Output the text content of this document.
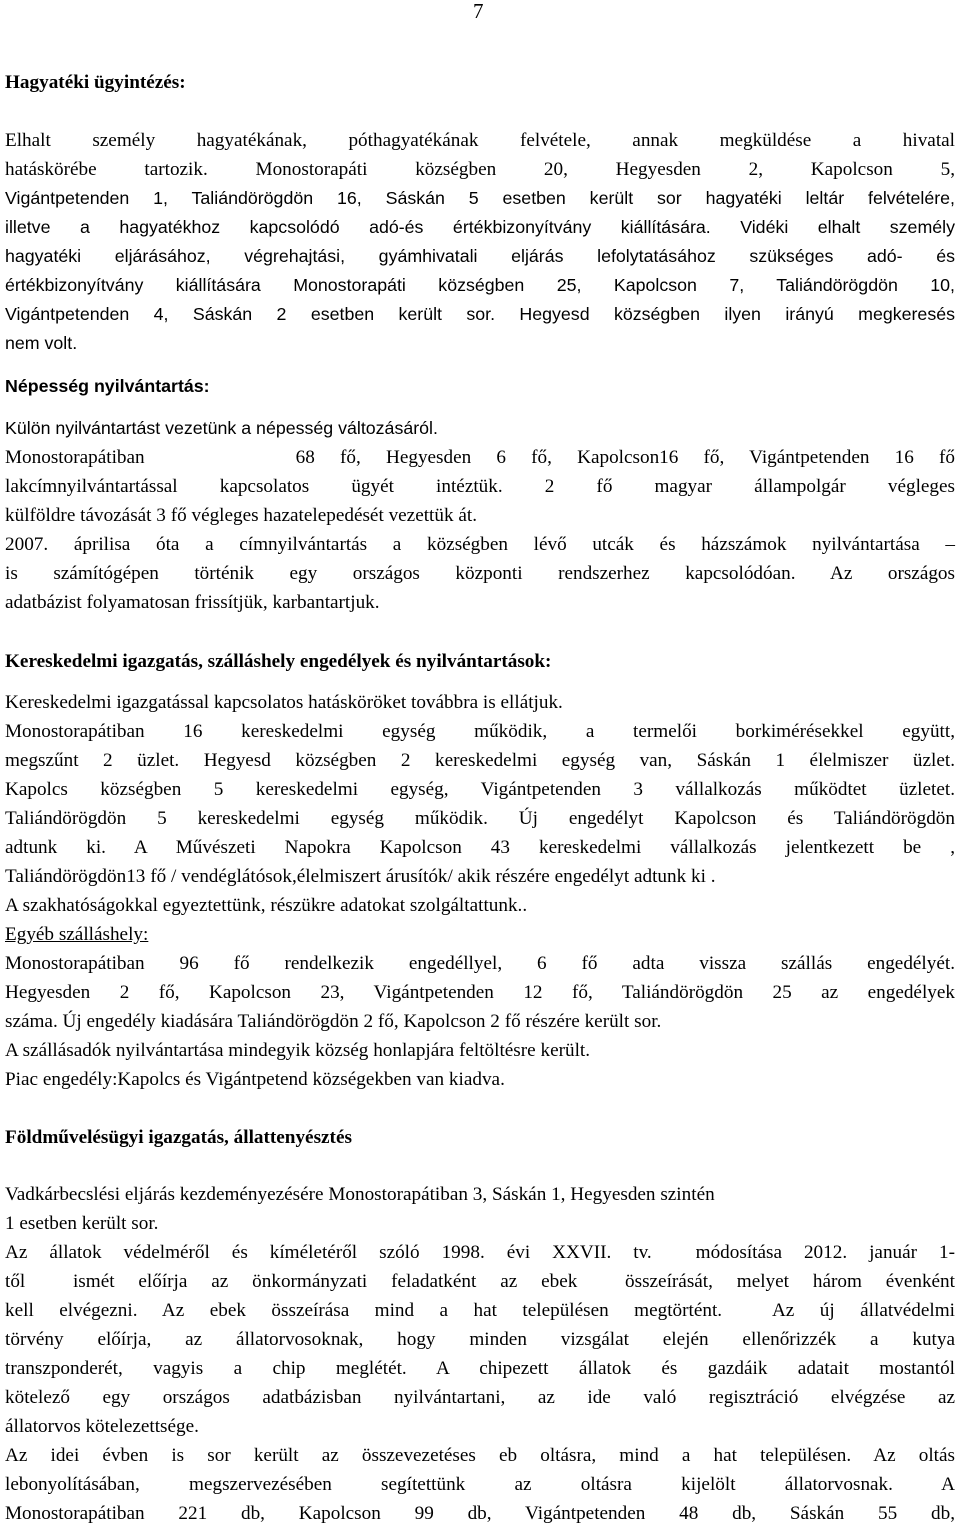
7
Hagyatéki ügyintézés:
Elhalt személy hagyatékának, póthagyatékának felvétele, annak megküldése a hivatal
hatáskörébe tartozik. Monostorapáti községben 20, Hegyesden 2, Kapolcson 5,
Vigántpetenden 1, Taliándörögdön 16, Sáskán 5 esetben került sor hagyatéki leltár felvételére,
illetve a hagyatékhoz kapcsolódó adó-és értékbizonyítvány kiállítására. Vidéki elhalt személy
hagyatéki eljárásához, végrehajtási, gyámhivatali eljárás lefolytatásához szükséges adó- és
értékbizonyítvány kiállítására Monostorapáti községben 25, Kapolcson 7, Taliándörögdön 10,
Vigántpetenden 4, Sáskán 2 esetben került sor. Hegyesd községben ilyen irányú megkeresés
nem volt.
Népesség nyilvántartás:
Külön nyilvántartást vezetünk a népesség változásáról.
Monostorapátiban      68 fő, Hegyesden 6 fő, Kapolcson16 fő, Vigántpetenden 16 fő
lakcímnyilvántartással kapcsolatos ügyét intéztük. 2 fő magyar állampolgár végleges
külföldre távozását 3 fő végleges hazatelepedését vezettük át.
2007. áprilisa óta a címnyilvántartás a községben lévő utcák és házszámok nyilvántartása –
is számítógépen történik egy országos központi rendszerhez kapcsolódóan. Az országos
adatbázist folyamatosan frissítjük, karbantartjuk.
Kereskedelmi igazgatás, szálláshely engedélyek és nyilvántartások:
Kereskedelmi igazgatással kapcsolatos hatásköröket továbbra is ellátjuk.
Monostorapátiban 16 kereskedelmi egység működik, a termelői borkimérésekkel együtt,
megszűnt 2 üzlet. Hegyesd községben 2 kereskedelmi egység van, Sáskán 1 élelmiszer üzlet.
Kapolcs községben 5 kereskedelmi egység, Vigántpetenden 3 vállalkozás működtet üzletet.
Taliándörögdön 5 kereskedelmi egység működik. Új engedélyt Kapolcson és Taliándörögdön
adtunk ki. A Művészeti Napokra Kapolcson 43 kereskedelmi vállalkozás jelentkezett be ,
Taliándörögdön13 fő / vendéglátósok,élelmiszert árusítók/ akik részére engedélyt adtunk ki .
A szakhatóságokkal egyeztettünk, részükre adatokat szolgáltattunk..
Egyéb szálláshely:
Monostorapátiban 96 fő rendelkezik engedéllyel, 6 fő adta vissza szállás engedélyét.
Hegyesden 2 fő, Kapolcson 23, Vigántpetenden 12 fő, Taliándörögdön 25 az engedélyek
száma. Új engedély kiadására Taliándörögdön 2 fő, Kapolcson 2 fő részére került sor.
A szállásadók nyilvántartása mindegyik község honlapjára feltöltésre került.
Piac engedély:Kapolcs és Vigántpetend községekben van kiadva.
Földművelésügyi igazgatás, állattenyésztés
Vadkárbecslési eljárás kezdeményezésére Monostorapátiban 3, Sáskán 1, Hegyesden szintén
1 esetben került sor.
Az állatok védelméről és kíméletéről szóló 1998. évi XXVII. tv.  módosítása 2012. január 1-
től  ismét előírja az önkormányzati feladatként az ebek  összeírását, melyet három évenként
kell elvégezni. Az ebek összeírása mind a hat településen megtörtént.  Az új állatvédelmi
törvény előírja, az állatorvosoknak, hogy minden vizsgálat elején ellenőrizzék a kutya
transzponderét, vagyis a chip meglétét. A chipezett állatok és gazdáik adatait mostantól
kötelező egy országos adatbázisban nyilvántartani, az ide való regisztráció elvégzése az
állatorvos kötelezettsége.
Az idei évben is sor került az összevezetéses eb oltásra, mind a hat településen. Az oltás
lebonyolításában, megszervezésében segítettünk az oltásra kijelölt állatorvosnak. A
Monostorapátiban 221 db, Kapolcson 99 db, Vigántpetenden 48 db, Sáskán 55 db,
